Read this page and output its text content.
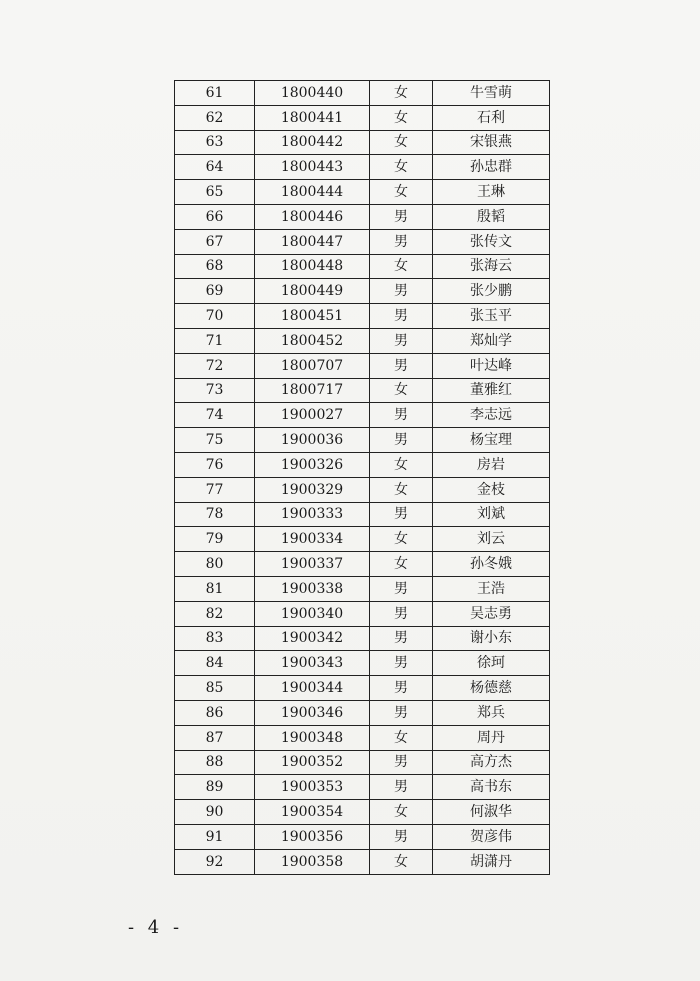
61	1800440	女	牛雪萌
62	1800441	女	石利
63	1800442	女	宋银燕
64	1800443	女	孙忠群
65	1800444	女	王琳
66	1800446	男	殷韬
67	1800447	男	张传文
68	1800448	女	张海云
69	1800449	男	张少鹏
70	1800451	男	张玉平
71	1800452	男	郑灿学
72	1800707	男	叶达峰
73	1800717	女	董雅红
74	1900027	男	李志远
75	1900036	男	杨宝理
76	1900326	女	房岩
77	1900329	女	金枝
78	1900333	男	刘斌
79	1900334	女	刘云
80	1900337	女	孙冬娥
81	1900338	男	王浩
82	1900340	男	吴志勇
83	1900342	男	谢小东
84	1900343	男	徐珂
85	1900344	男	杨德慈
86	1900346	男	郑兵
87	1900348	女	周丹
88	1900352	男	高方杰
89	1900353	男	高书东
90	1900354	女	何淑华
91	1900356	男	贺彦伟
92	1900358	女	胡潇丹
- 4 -
